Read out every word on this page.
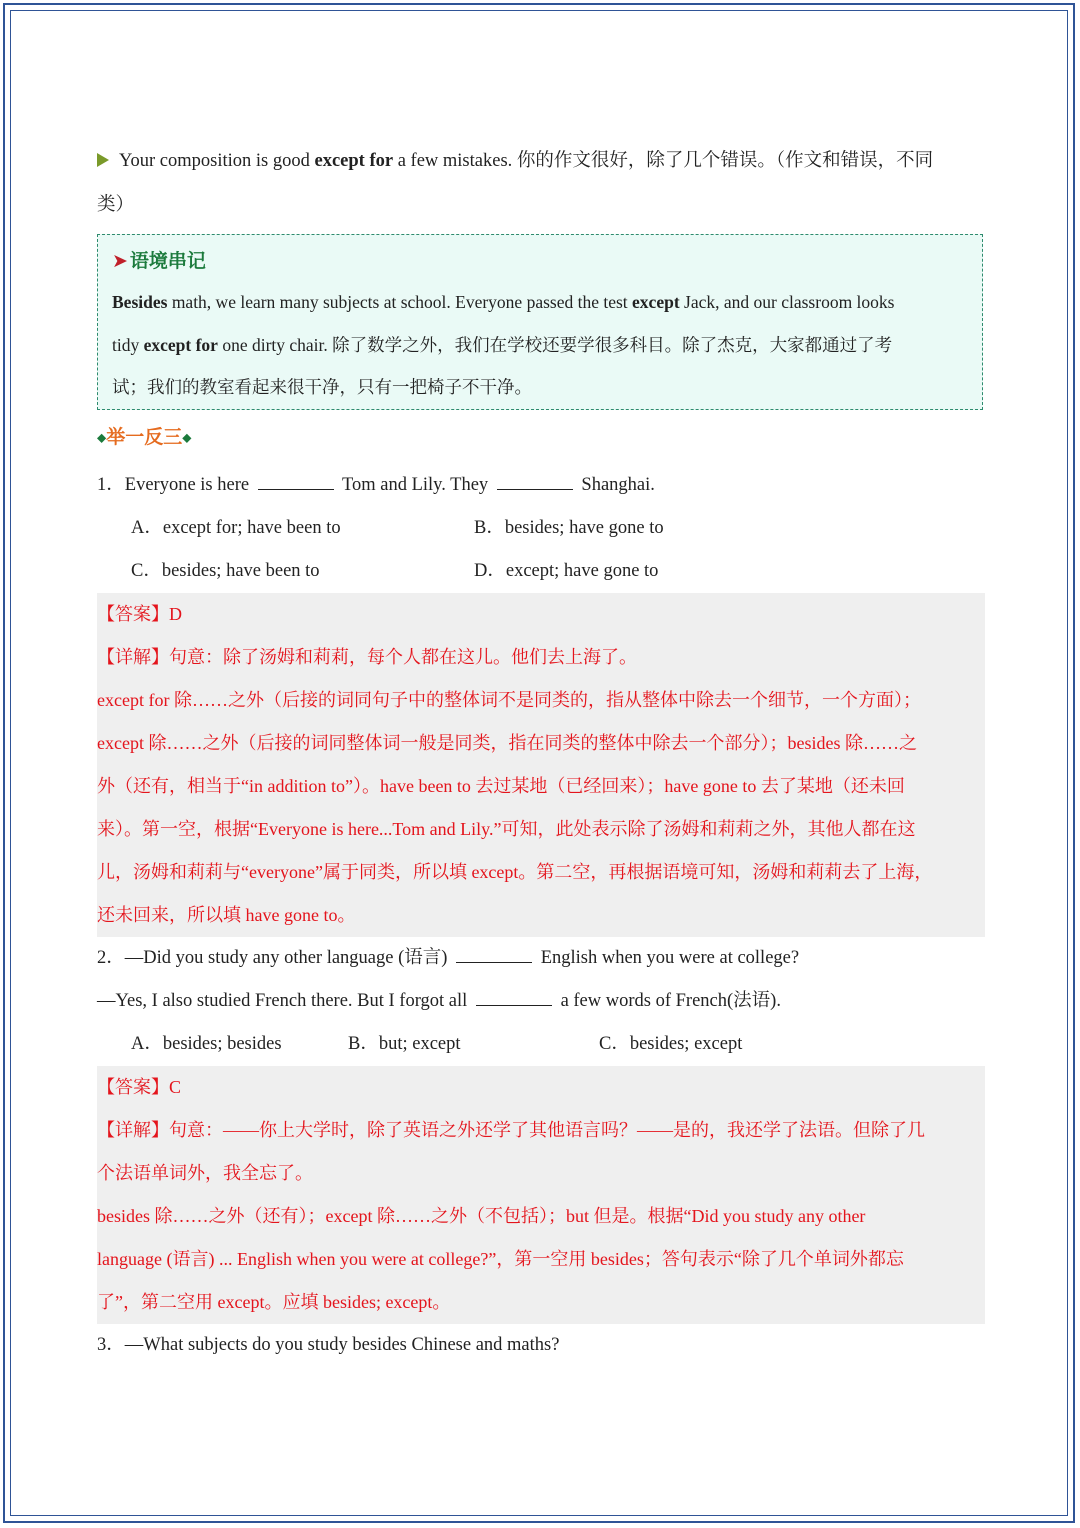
Your composition is good except for a few mistakes. 你的作文很好，除了几个错误。（作文和错误，不同
类）
➤ 语境串记
Besides math, we learn many subjects at school. Everyone passed the test except Jack, and our classroom looks
tidy except for one dirty chair. 除了数学之外，我们在学校还要学很多科目。除了杰克，大家都通过了考
试；我们的教室看起来很干净，只有一把椅子不干净。
◆举一反三◆
1．Everyone is here	Tom and Lily. They	Shanghai.
A．except for; have been to	B．besides; have gone to
C．besides; have been to	D．except; have gone to
【答案】D
【详解】句意：除了汤姆和莉莉，每个人都在这儿。他们去上海了。
except for 除……之外（后接的词同句子中的整体词不是同类的，指从整体中除去一个细节，一个方面）；
except 除……之外（后接的词同整体词一般是同类，指在同类的整体中除去一个部分）；besides 除……之
外（还有，相当于“in addition to”）。have been to 去过某地（已经回来）；have gone to 去了某地（还未回
来）。第一空，根据“Everyone is here...Tom and Lily.”可知，此处表示除了汤姆和莉莉之外，其他人都在这
儿，汤姆和莉莉与“everyone”属于同类，所以填 except。第二空，再根据语境可知，汤姆和莉莉去了上海，
还未回来，所以填 have gone to。
2．—Did you study any other language (语言)	English when you were at college?
—Yes, I also studied French there. But I forgot all	a few words of French(法语).
A．besides; besides	B．but; except	C．besides; except
【答案】C
【详解】句意：——你上大学时，除了英语之外还学了其他语言吗？——是的，我还学了法语。但除了几
个法语单词外，我全忘了。
besides 除……之外（还有）；except 除……之外（不包括）；but 但是。根据“Did you study any other
language (语言) ... English when you were at college?”，第一空用 besides；答句表示“除了几个单词外都忘
了”，第二空用 except。应填 besides; except。
3．—What subjects do you study besides Chinese and maths?
